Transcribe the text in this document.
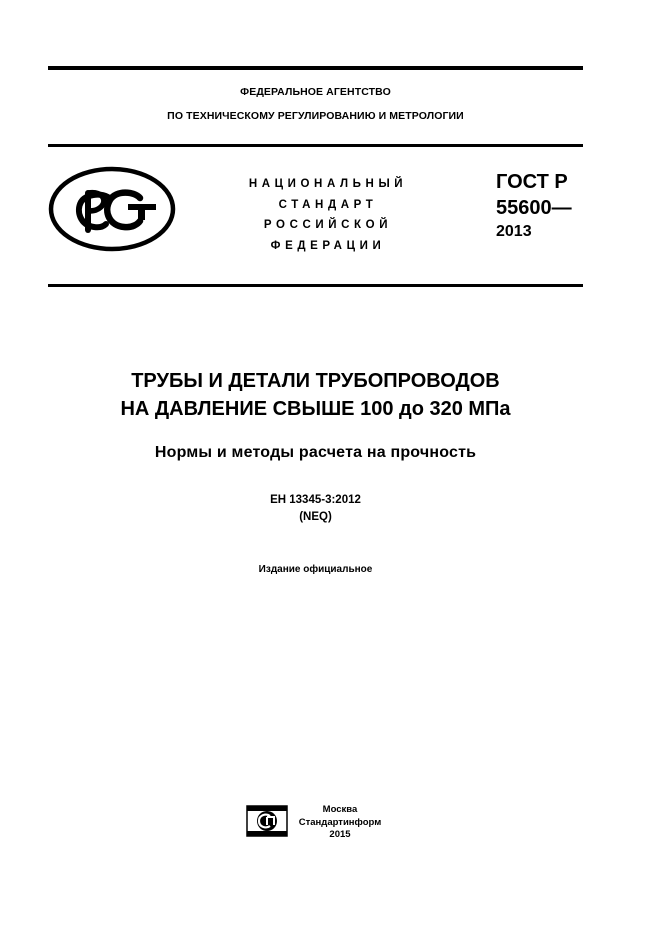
ФЕДЕРАЛЬНОЕ АГЕНТСТВО
ПО ТЕХНИЧЕСКОМУ РЕГУЛИРОВАНИЮ И МЕТРОЛОГИИ
НАЦИОНАЛЬНЫЙ
СТАНДАРТ
РОССИЙСКОЙ
ФЕДЕРАЦИИ
ГОСТ Р
55600—
2013
ТРУБЫ И ДЕТАЛИ ТРУБОПРОВОДОВ
НА ДАВЛЕНИЕ СВЫШЕ 100 до 320 МПа
Нормы и методы расчета на прочность
ЕН 13345-3:2012
(NEQ)
Издание официальное
Москва
Стандартинформ
2015
